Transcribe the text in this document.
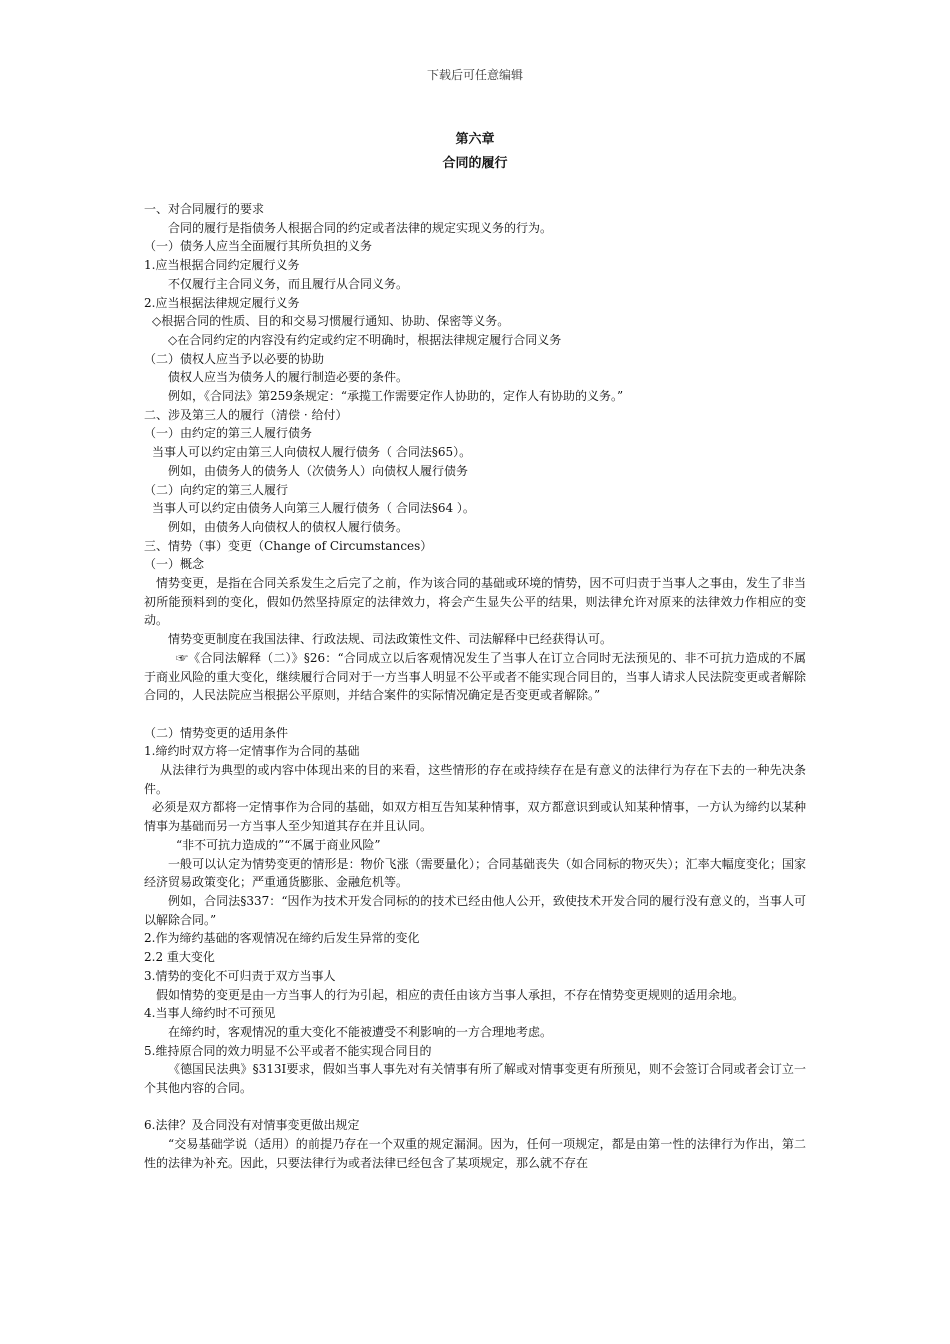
下载后可任意编辑
第六章
合同的履行

一、对合同履行的要求

合同的履行是指债务人根据合同的约定或者法律的规定实现义务的行为。

（一）债务人应当全面履行其所负担的义务

1.应当根据合同约定履行义务

不仅履行主合同义务，而且履行从合同义务。

2.应当根据法律规定履行义务

◇根据合同的性质、目的和交易习惯履行通知、协助、保密等义务。

◇在合同约定的内容没有约定或约定不明确时，根据法律规定履行合同义务

（二）债权人应当予以必要的协助

债权人应当为债务人的履行制造必要的条件。

例如，《合同法》第259条规定：“承揽工作需要定作人协助的，定作人有协助的义务。”

二、涉及第三人的履行（清偿 · 给付）

（一）由约定的第三人履行债务

当事人可以约定由第三人向债权人履行债务（ 合同法§65）。

例如，由债务人的债务人（次债务人）向债权人履行债务

（二）向约定的第三人履行

当事人可以约定由债务人向第三人履行债务（ 合同法§64 ）。

例如，由债务人向债权人的债权人履行债务。

三、情势（事）变更（Change of Circumstances）

（一）概念

情势变更，是指在合同关系发生之后完了之前，作为该合同的基础或环境的情势，因不可归责于当事人之事由，发生了非当初所能预料到的变化，假如仍然坚持原定的法律效力，将会产生显失公平的结果，则法律允许对原来的法律效力作相应的变动。

情势变更制度在我国法律、行政法规、司法政策性文件、司法解释中已经获得认可。

☞《合同法解释（二）》§26：“合同成立以后客观情况发生了当事人在订立合同时无法预见的、非不可抗力造成的不属于商业风险的重大变化，继续履行合同对于一方当事人明显不公平或者不能实现合同目的，当事人请求人民法院变更或者解除合同的，人民法院应当根据公平原则，并结合案件的实际情况确定是否变更或者解除。”

（二）情势变更的适用条件

1.缔约时双方将一定情事作为合同的基础

从法律行为典型的或内容中体现出来的目的来看，这些情形的存在或持续存在是有意义的法律行为存在下去的一种先决条件。

必须是双方都将一定情事作为合同的基础，如双方相互告知某种情事，双方都意识到或认知某种情事，一方认为缔约以某种情事为基础而另一方当事人至少知道其存在并且认同。

“非不可抗力造成的”“不属于商业风险”

一般可以认定为情势变更的情形是：物价飞涨（需要量化）；合同基础丧失（如合同标的物灭失）；汇率大幅度变化；国家经济贸易政策变化；严重通货膨胀、金融危机等。

例如，合同法§337：“因作为技术开发合同标的的技术已经由他人公开，致使技术开发合同的履行没有意义的，当事人可以解除合同。”

2.作为缔约基础的客观情况在缔约后发生异常的变化

2.2 重大变化

3.情势的变化不可归责于双方当事人

假如情势的变更是由一方当事人的行为引起，相应的责任由该方当事人承担，不存在情势变更规则的适用余地。

4.当事人缔约时不可预见

在缔约时，客观情况的重大变化不能被遭受不利影响的一方合理地考虑。

5.维持原合同的效力明显不公平或者不能实现合同目的

《德国民法典》§313I要求，假如当事人事先对有关情事有所了解或对情事变更有所预见，则不会签订合同或者会订立一个其他内容的合同。

6.法律？及合同没有对情事变更做出规定

“交易基础学说（适用）的前提乃存在一个双重的规定漏洞。因为，任何一项规定，都是由第一性的法律行为作出，第二性的法律为补充。因此，只要法律行为或者法律已经包含了某项规定，那么就不存在
